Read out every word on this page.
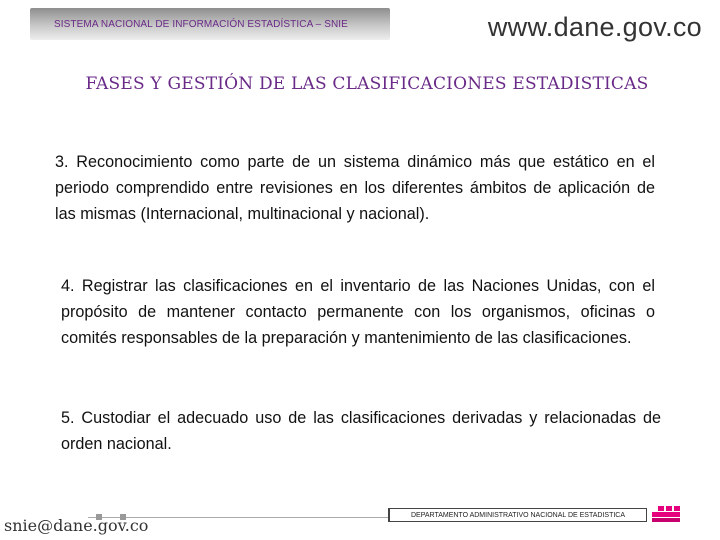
SISTEMA NACIONAL DE INFORMACIÓN ESTADÍSTICA – SNIE	www.dane.gov.co
FASES Y GESTIÓN DE LAS CLASIFICACIONES ESTADISTICAS
3. Reconocimiento como parte de un sistema dinámico más que estático en el periodo comprendido entre revisiones en los diferentes ámbitos de aplicación de las mismas (Internacional, multinacional y nacional).
4. Registrar las clasificaciones en el inventario de las Naciones Unidas, con el propósito de mantener contacto permanente con los organismos, oficinas o comités responsables de la preparación y mantenimiento de las clasificaciones.
5. Custodiar el adecuado uso de las clasificaciones derivadas y relacionadas de orden nacional.
snie@dane.gov.co
DEPARTAMENTO ADMINISTRATIVO NACIONAL DE ESTADISTICA
